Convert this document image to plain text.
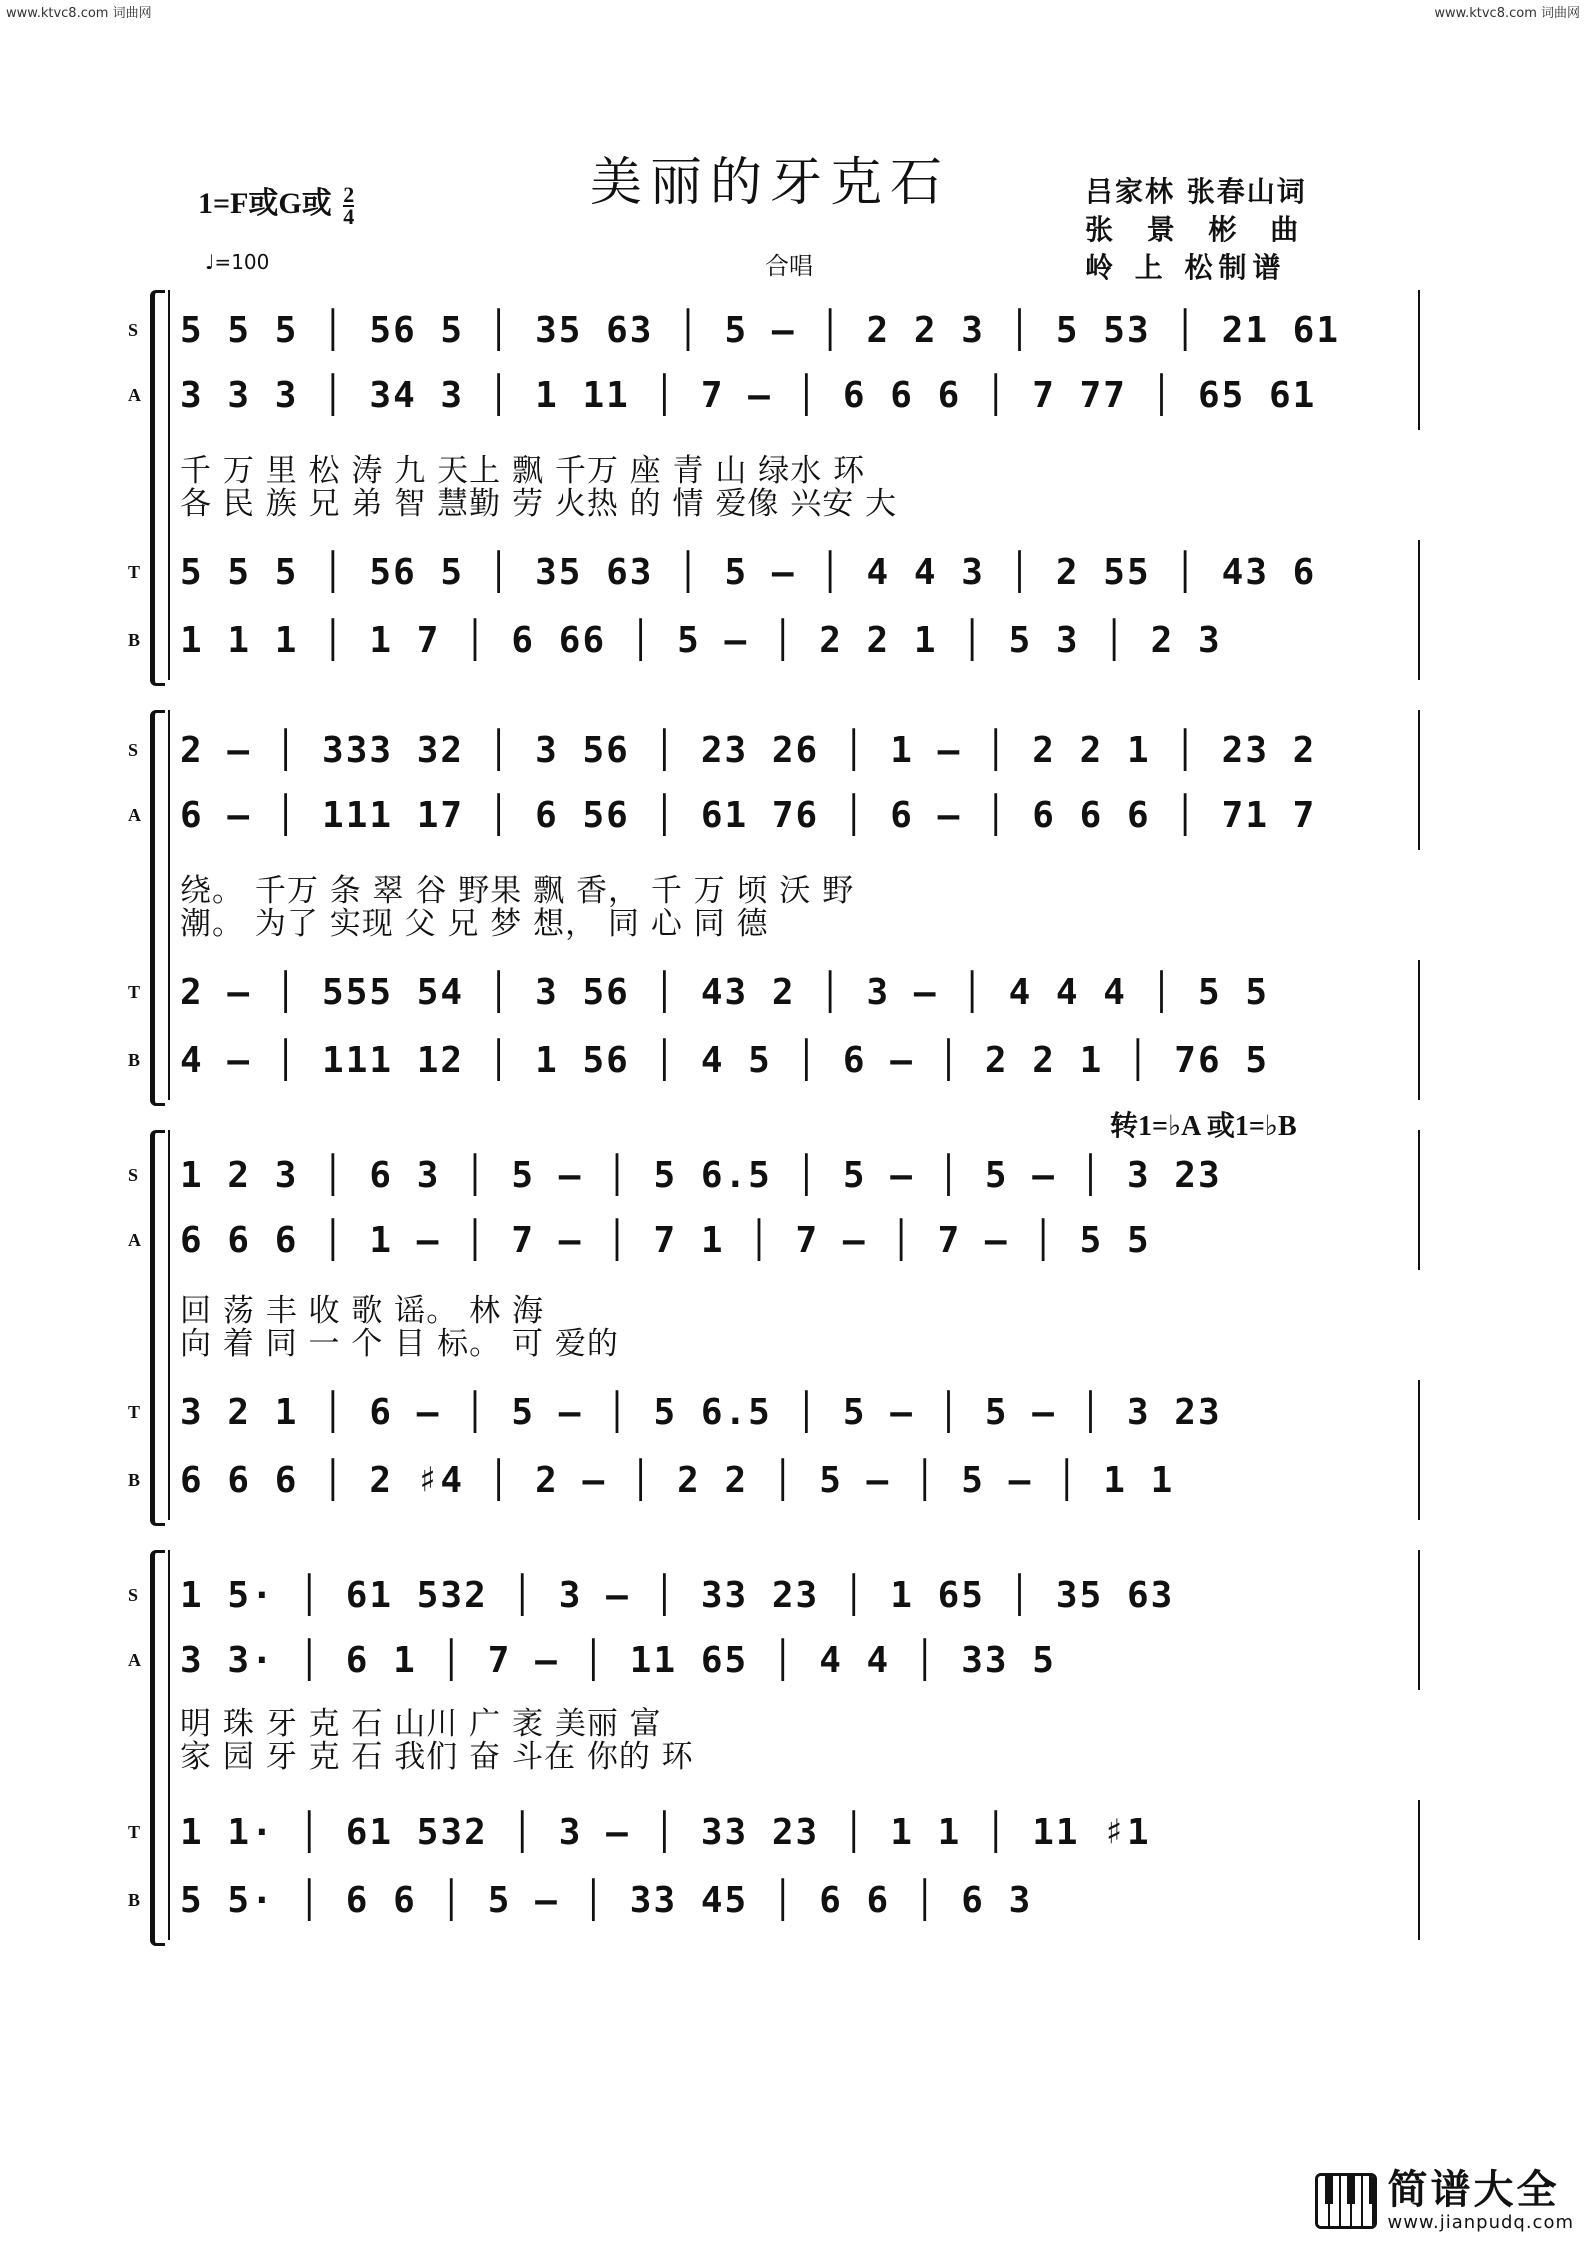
www.ktvc8.com 词曲网	www.ktvc8.com 词曲网
美丽的牙克石
1=F或G或 $\frac{2}{4}$
♩=100	合唱
吕家林 张春山词
张 景 彬 曲
岭 上 松制谱
S 5 5 5 │ 56 5 │ 35 63 │ 5 – │ 2 2 3 │ 5 53 │ 21 61
A 3 3 3 │ 34 3 │ 1 11 │ 7 – │ 6 6 6 │ 7 77 │ 65 61
千 万 里 松 涛 九 天上 飘 千万 座 青 山 绿水 环
各 民 族 兄 弟 智 慧勤 劳 火热 的 情 爱像 兴安 大
T 5 5 5 │ 56 5 │ 35 63 │ 5 – │ 4 4 3 │ 2 55 │ 43 6
B 1 1 1 │ 1 7 │ 6 66 │ 5 – │ 2 2 1 │ 5 3 │ 2 3
S 2 – │ 333 32 │ 3 56 │ 23 26 │ 1 – │ 2 2 1 │ 23 2
A 6 – │ 111 17 │ 6 56 │ 61 76 │ 6 – │ 6 6 6 │ 71 7
绕。 千万 条 翠 谷 野果 飘 香， 千 万 顷 沃 野
潮。 为了 实现 父 兄 梦 想， 同 心 同 德
T 2 – │ 555 54 │ 3 56 │ 43 2 │ 3 – │ 4 4 4 │ 5 5
B 4 – │ 111 12 │ 1 56 │ 4 5 │ 6 – │ 2 2 1 │ 76 5
转1=♭A 或1=♭B
S 1 2 3 │ 6 3 │ 5 – │ 5 6.5 │ 5 – │ 5 – │ 3 23
A 6 6 6 │ 1 – │ 7 – │ 7 1 │ 7 – │ 7 – │ 5 5
回 荡 丰 收 歌 谣。 林 海
向 着 同 一 个 目 标。 可 爱的
T 3 2 1 │ 6 – │ 5 – │ 5 6.5 │ 5 – │ 5 – │ 3 23
B 6 6 6 │ 2 ♯4 │ 2 – │ 2 2 │ 5 – │ 5 – │ 1 1
S 1 5· │ 61 532 │ 3 – │ 33 23 │ 1 65 │ 35 63
A 3 3· │ 6 1 │ 7 – │ 11 65 │ 4 4 │ 33 5
明 珠 牙 克 石 山川 广 袤 美丽 富
家 园 牙 克 石 我们 奋 斗在 你的 环
T 1 1· │ 61 532 │ 3 – │ 33 23 │ 1 1 │ 11 ♯1
B 5 5· │ 6 6 │ 5 – │ 33 45 │ 6 6 │ 6 3
简谱大全
www.jianpudq.com
